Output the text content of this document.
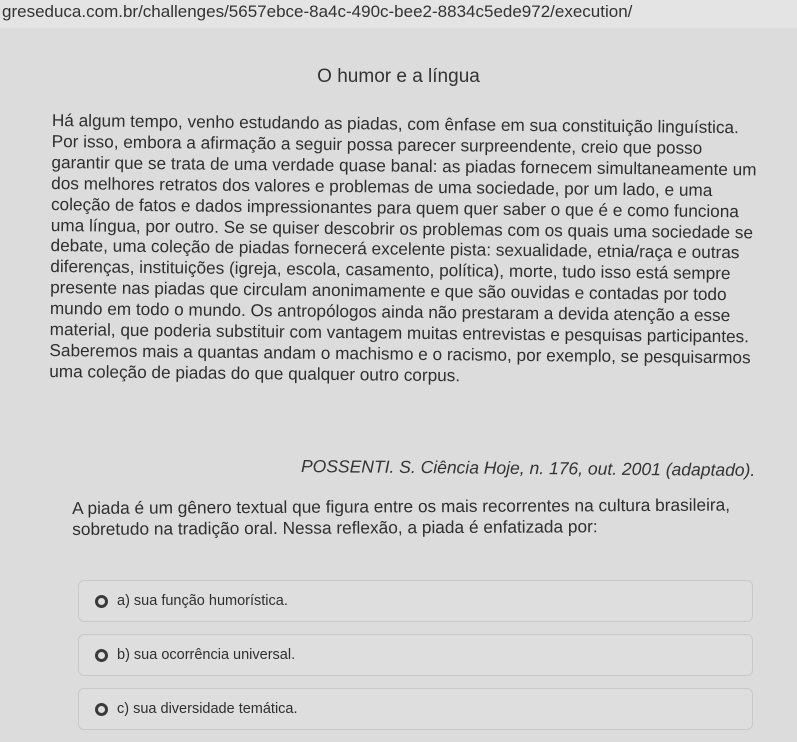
greseduca.com.br/challenges/5657ebce-8a4c-490c-bee2-8834c5ede972/execution/
O humor e a língua

Há algum tempo, venho estudando as piadas, com ênfase em sua constituição linguística. Por isso, embora a afirmação a seguir possa parecer surpreendente, creio que posso garantir que se trata de uma verdade quase banal: as piadas fornecem simultaneamente um dos melhores retratos dos valores e problemas de uma sociedade, por um lado, e uma coleção de fatos e dados impressionantes para quem quer saber o que é e como funciona uma língua, por outro. Se se quiser descobrir os problemas com os quais uma sociedade se debate, uma coleção de piadas fornecerá excelente pista: sexualidade, etnia/raça e outras diferenças, instituições (igreja, escola, casamento, política), morte, tudo isso está sempre presente nas piadas que circulam anonimamente e que são ouvidas e contadas por todo mundo em todo o mundo. Os antropólogos ainda não prestaram a devida atenção a esse material, que poderia substituir com vantagem muitas entrevistas e pesquisas participantes. Saberemos mais a quantas andam o machismo e o racismo, por exemplo, se pesquisarmos uma coleção de piadas do que qualquer outro corpus.

POSSENTI. S. Ciência Hoje, n. 176, out. 2001 (adaptado).
A piada é um gênero textual que figura entre os mais recorrentes na cultura brasileira, sobretudo na tradição oral. Nessa reflexão, a piada é enfatizada por:
a) sua função humorística.
b) sua ocorrência universal.
c) sua diversidade temática.
